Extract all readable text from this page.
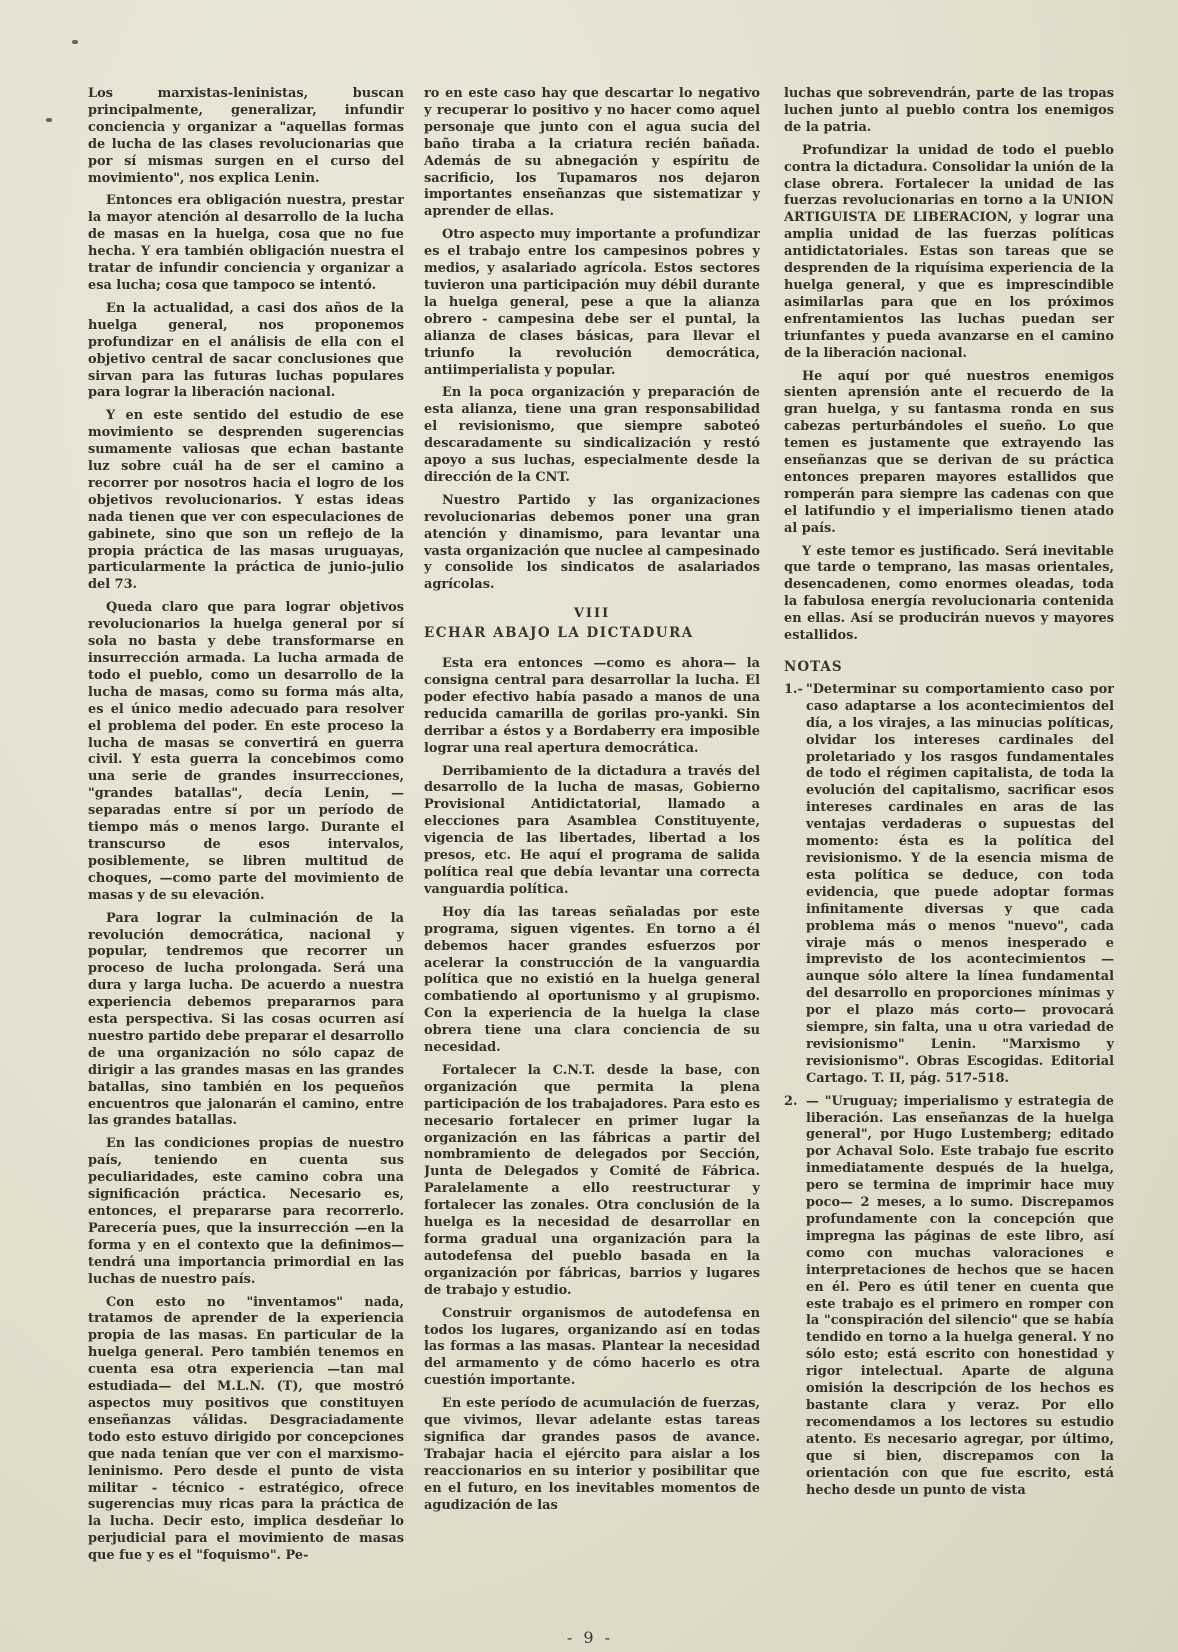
Los marxistas-leninistas, buscan principalmente, generalizar, infundir conciencia y organizar a "aquellas formas de lucha de las clases revolucionarias que por sí mismas surgen en el curso del movimiento", nos explica Lenin.

Entonces era obligación nuestra, prestar la mayor atención al desarrollo de la lucha de masas en la huelga, cosa que no fue hecha. Y era también obligación nuestra el tratar de infundir conciencia y organizar a esa lucha; cosa que tampoco se intentó.

En la actualidad, a casi dos años de la huelga general, nos proponemos profundizar en el análisis de ella con el objetivo central de sacar conclusiones que sirvan para las futuras luchas populares para lograr la liberación nacional.

Y en este sentido del estudio de ese movimiento se desprenden sugerencias sumamente valiosas que echan bastante luz sobre cuál ha de ser el camino a recorrer por nosotros hacia el logro de los objetivos revolucionarios. Y estas ideas nada tienen que ver con especulaciones de gabinete, sino que son un reflejo de la propia práctica de las masas uruguayas, particularmente la práctica de junio-julio del 73.

Queda claro que para lograr objetivos revolucionarios la huelga general por sí sola no basta y debe transformarse en insurrección armada. La lucha armada de todo el pueblo, como un desarrollo de la lucha de masas, como su forma más alta, es el único medio adecuado para resolver el problema del poder. En este proceso la lucha de masas se convertirá en guerra civil. Y esta guerra la concebimos como una serie de grandes insurrecciones, "grandes batallas", decía Lenin, —separadas entre sí por un período de tiempo más o menos largo. Durante el transcurso de esos intervalos, posiblemente, se libren multitud de choques, —como parte del movimiento de masas y de su elevación.

Para lograr la culminación de la revolución democrática, nacional y popular, tendremos que recorrer un proceso de lucha prolongada. Será una dura y larga lucha. De acuerdo a nuestra experiencia debemos prepararnos para esta perspectiva. Si las cosas ocurren así nuestro partido debe preparar el desarrollo de una organización no sólo capaz de dirigir a las grandes masas en las grandes batallas, sino también en los pequeños encuentros que jalonarán el camino, entre las grandes batallas.

En las condiciones propias de nuestro país, teniendo en cuenta sus peculiaridades, este camino cobra una significación práctica. Necesario es, entonces, el prepararse para recorrerlo. Parecería pues, que la insurrección —en la forma y en el contexto que la definimos— tendrá una importancia primordial en las luchas de nuestro país.

Con esto no "inventamos" nada, tratamos de aprender de la experiencia propia de las masas. En particular de la huelga general. Pero también tenemos en cuenta esa otra experiencia —tan mal estudiada— del M.L.N. (T), que mostró aspectos muy positivos que constituyen enseñanzas válidas. Desgraciadamente todo esto estuvo dirigido por concepciones que nada tenían que ver con el marxismo-leninismo. Pero desde el punto de vista militar - técnico - estratégico, ofrece sugerencias muy ricas para la práctica de la lucha. Decir esto, implica desdeñar lo perjudicial para el movimiento de masas que fue y es el "foquismo". Pe-

ro en este caso hay que descartar lo negativo y recuperar lo positivo y no hacer como aquel personaje que junto con el agua sucia del baño tiraba a la criatura recién bañada. Además de su abnegación y espíritu de sacrificio, los Tupamaros nos dejaron importantes enseñanzas que sistematizar y aprender de ellas.

Otro aspecto muy importante a profundizar es el trabajo entre los campesinos pobres y medios, y asalariado agrícola. Estos sectores tuvieron una participación muy débil durante la huelga general, pese a que la alianza obrero - campesina debe ser el puntal, la alianza de clases básicas, para llevar el triunfo la revolución democrática, antiimperialista y popular.

En la poca organización y preparación de esta alianza, tiene una gran responsabilidad el revisionismo, que siempre saboteó descaradamente su sindicalización y restó apoyo a sus luchas, especialmente desde la dirección de la CNT.

Nuestro Partido y las organizaciones revolucionarias debemos poner una gran atención y dinamismo, para levantar una vasta organización que nuclee al campesinado y consolide los sindicatos de asalariados agrícolas.

VIII
ECHAR ABAJO LA DICTADURA

Esta era entonces —como es ahora— la consigna central para desarrollar la lucha. El poder efectivo había pasado a manos de una reducida camarilla de gorilas pro-yanki. Sin derribar a éstos y a Bordaberry era imposible lograr una real apertura democrática.

Derribamiento de la dictadura a través del desarrollo de la lucha de masas, Gobierno Provisional Antidictatorial, llamado a elecciones para Asamblea Constituyente, vigencia de las libertades, libertad a los presos, etc. He aquí el programa de salida política real que debía levantar una correcta vanguardia política.

Hoy día las tareas señaladas por este programa, siguen vigentes. En torno a él debemos hacer grandes esfuerzos por acelerar la construcción de la vanguardia política que no existió en la huelga general combatiendo al oportunismo y al grupismo. Con la experiencia de la huelga la clase obrera tiene una clara conciencia de su necesidad.

Fortalecer la C.N.T. desde la base, con organización que permita la plena participación de los trabajadores. Para esto es necesario fortalecer en primer lugar la organización en las fábricas a partir del nombramiento de delegados por Sección, Junta de Delegados y Comité de Fábrica. Paralelamente a ello reestructurar y fortalecer las zonales. Otra conclusión de la huelga es la necesidad de desarrollar en forma gradual una organización para la autodefensa del pueblo basada en la organización por fábricas, barrios y lugares de trabajo y estudio.

Construir organismos de autodefensa en todos los lugares, organizando así en todas las formas a las masas. Plantear la necesidad del armamento y de cómo hacerlo es otra cuestión importante.

En este período de acumulación de fuerzas, que vivimos, llevar adelante estas tareas significa dar grandes pasos de avance. Trabajar hacia el ejército para aislar a los reaccionarios en su interior y posibilitar que en el futuro, en los inevitables momentos de agudización de las

luchas que sobrevendrán, parte de las tropas luchen junto al pueblo contra los enemigos de la patria.

Profundizar la unidad de todo el pueblo contra la dictadura. Consolidar la unión de la clase obrera. Fortalecer la unidad de las fuerzas revolucionarias en torno a la UNION ARTIGUISTA DE LIBERACION, y lograr una amplia unidad de las fuerzas políticas antidictatoriales. Estas son tareas que se desprenden de la riquísima experiencia de la huelga general, y que es imprescindible asimilarlas para que en los próximos enfrentamientos las luchas puedan ser triunfantes y pueda avanzarse en el camino de la liberación nacional.

He aquí por qué nuestros enemigos sienten aprensión ante el recuerdo de la gran huelga, y su fantasma ronda en sus cabezas perturbándoles el sueño. Lo que temen es justamente que extrayendo las enseñanzas que se derivan de su práctica entonces preparen mayores estallidos que romperán para siempre las cadenas con que el latifundio y el imperialismo tienen atado al país.

Y este temor es justificado. Será inevitable que tarde o temprano, las masas orientales, desencadenen, como enormes oleadas, toda la fabulosa energía revolucionaria contenida en ellas. Así se producirán nuevos y mayores estallidos.

NOTAS
1.- "Determinar su comportamiento caso por caso adaptarse a los acontecimientos del día, a los virajes, a las minucias políticas, olvidar los intereses cardinales del proletariado y los rasgos fundamentales de todo el régimen capitalista, de toda la evolución del capitalismo, sacrificar esos intereses cardinales en aras de las ventajas verdaderas o supuestas del momento: ésta es la política del revisionismo. Y de la esencia misma de esta política se deduce, con toda evidencia, que puede adoptar formas infinitamente diversas y que cada problema más o menos "nuevo", cada viraje más o menos inesperado e imprevisto de los acontecimientos — aunque sólo altere la línea fundamental del desarrollo en proporciones mínimas y por el plazo más corto— provocará siempre, sin falta, una u otra variedad de revisionismo" Lenin. "Marxismo y revisionismo". Obras Escogidas. Editorial Cartago. T. II, pág. 517-518.
2. — "Uruguay; imperialismo y estrategia de liberación. Las enseñanzas de la huelga general", por Hugo Lustemberg; editado por Achaval Solo. Este trabajo fue escrito inmediatamente después de la huelga, pero se termina de imprimir hace muy poco— 2 meses, a lo sumo. Discrepamos profundamente con la concepción que impregna las páginas de este libro, así como con muchas valoraciones e interpretaciones de hechos que se hacen en él. Pero es útil tener en cuenta que este trabajo es el primero en romper con la "conspiración del silencio" que se había tendido en torno a la huelga general. Y no sólo esto; está escrito con honestidad y rigor intelectual. Aparte de alguna omisión la descripción de los hechos es bastante clara y veraz. Por ello recomendamos a los lectores su estudio atento. Es necesario agregar, por último, que si bien, discrepamos con la orientación con que fue escrito, está hecho desde un punto de vista
- 9 -
